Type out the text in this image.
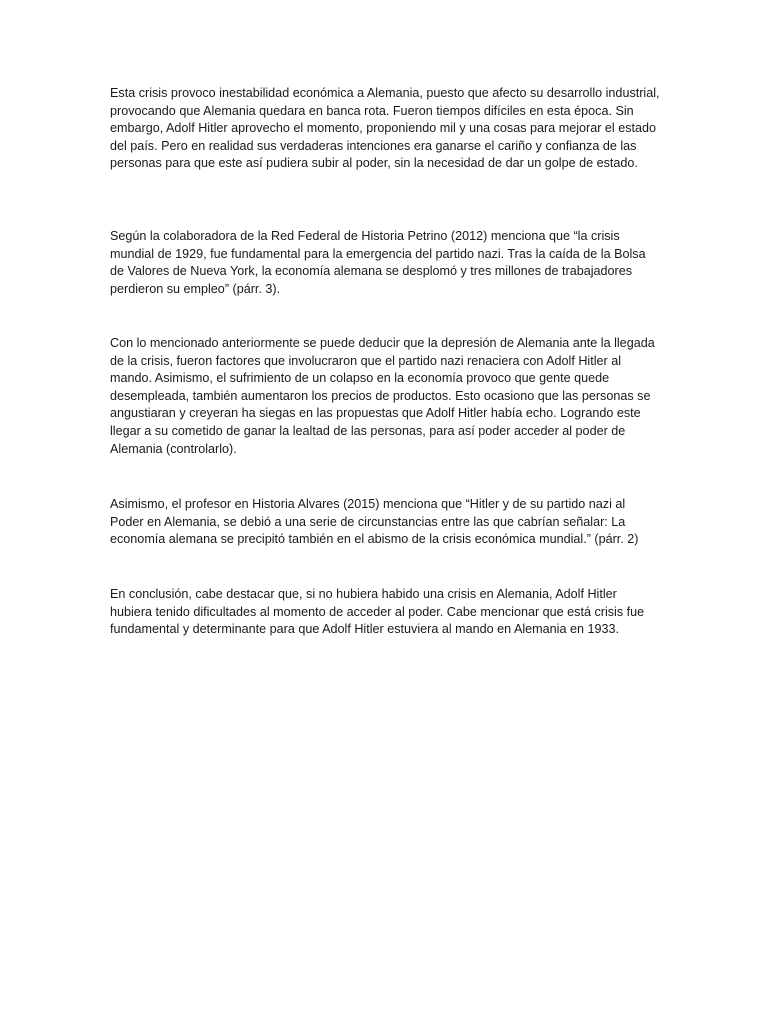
Esta crisis provoco inestabilidad económica a Alemania, puesto que afecto su desarrollo industrial, provocando que Alemania quedara en banca rota. Fueron tiempos difíciles en esta época. Sin embargo, Adolf Hitler aprovecho el momento, proponiendo mil y una cosas para mejorar el estado del país. Pero en realidad sus verdaderas intenciones era ganarse el cariño y confianza de las personas para que este así pudiera subir al poder, sin la necesidad de dar un golpe de estado.

Según la colaboradora de la Red Federal de Historia Petrino (2012) menciona que “la crisis mundial de 1929, fue fundamental para la emergencia del partido nazi. Tras la caída de la Bolsa de Valores de Nueva York, la economía alemana se desplomó y tres millones de trabajadores perdieron su empleo” (párr. 3).

Con lo mencionado anteriormente se puede deducir que la depresión de Alemania ante la llegada de la crisis, fueron factores que involucraron que el partido nazi renaciera con Adolf Hitler al mando. Asimismo, el sufrimiento de un colapso en la economía provoco que gente quede desempleada, también aumentaron los precios de productos. Esto ocasiono que las personas se angustiaran y creyeran ha siegas en las propuestas que Adolf Hitler había echo. Logrando este llegar a su cometido de ganar la lealtad de las personas, para así poder acceder al poder de Alemania (controlarlo).

Asimismo, el profesor en Historia Alvares (2015) menciona que “Hitler y de su partido nazi al Poder en Alemania, se debió a una serie de circunstancias entre las que cabrían señalar: La economía alemana se precipitó también en el abismo de la crisis económica mundial.” (párr. 2)

En conclusión, cabe destacar que, si no hubiera habido una crisis en Alemania, Adolf Hitler hubiera tenido dificultades al momento de acceder al poder. Cabe mencionar que está crisis fue fundamental y determinante para que Adolf Hitler estuviera al mando en Alemania en 1933.
